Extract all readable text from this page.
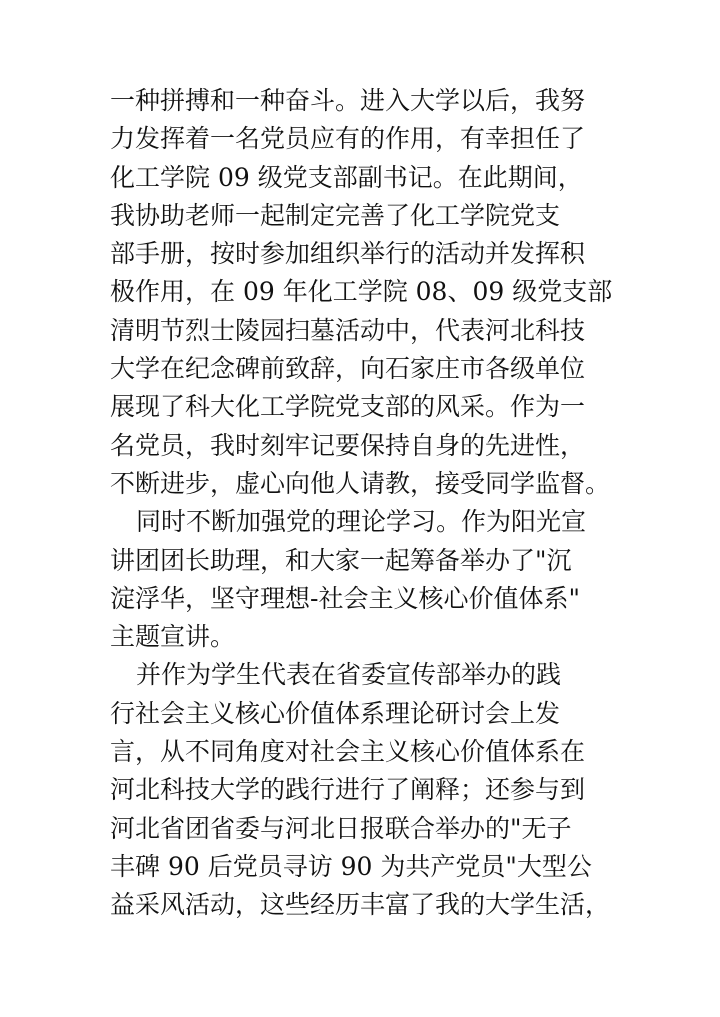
一种拼搏和一种奋斗。进入大学以后，我努
力发挥着一名党员应有的作用，有幸担任了
化工学院 09 级党支部副书记。在此期间，
我协助老师一起制定完善了化工学院党支
部手册，按时参加组织举行的活动并发挥积
极作用，在 09 年化工学院 08、09 级党支部
清明节烈士陵园扫墓活动中，代表河北科技
大学在纪念碑前致辞，向石家庄市各级单位
展现了科大化工学院党支部的风采。作为一
名党员，我时刻牢记要保持自身的先进性，
不断进步，虚心向他人请教，接受同学监督。
同时不断加强党的理论学习。作为阳光宣
讲团团长助理，和大家一起筹备举办了"沉
淀浮华，坚守理想-社会主义核心价值体系"
主题宣讲。
并作为学生代表在省委宣传部举办的践
行社会主义核心价值体系理论研讨会上发
言，从不同角度对社会主义核心价值体系在
河北科技大学的践行进行了阐释；还参与到
河北省团省委与河北日报联合举办的"无子
丰碑 90 后党员寻访 90 为共产党员"大型公
益采风活动，这些经历丰富了我的大学生活，
